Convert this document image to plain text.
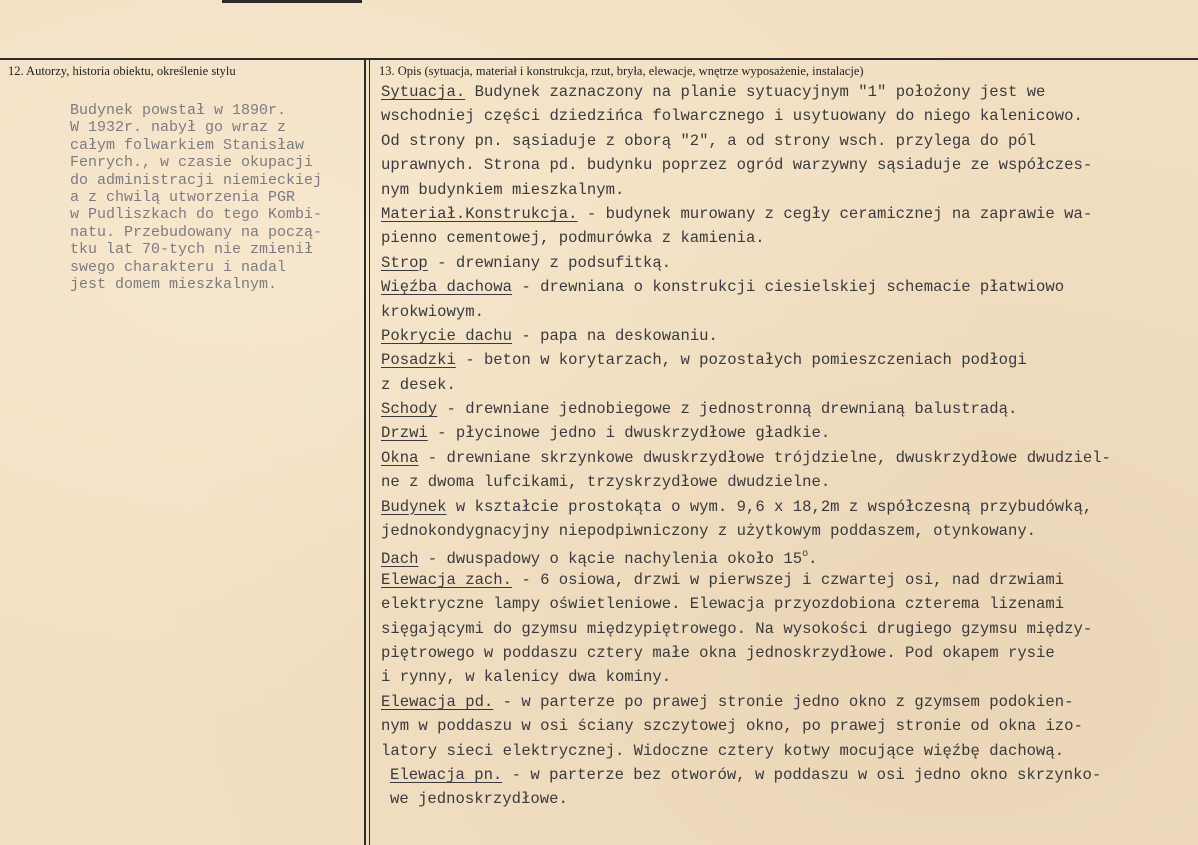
12. Autorzy, historia obiektu, określenie stylu	13. Opis (sytuacja, materiał i konstrukcja, rzut, bryła, elewacje, wnętrze wyposażenie, instalacje)
Budynek powstał w 1890r.
W 1932r. nabył go wraz z
całym folwarkiem Stanisław
Fenrych., w czasie okupacji
do administracji niemieckiej
a z chwilą utworzenia PGR
w Pudliszkach do tego Kombi-
natu. Przebudowany na począ-
tku lat 70-tych nie zmienił
swego charakteru i nadal
jest domem mieszkalnym.
Sytuacja. Budynek zaznaczony na planie sytuacyjnym "1" położony jest we
wschodniej części dziedzińca folwarcznego i usytuowany do niego kalenicowo.
Od strony pn. sąsiaduje z oborą "2", a od strony wsch. przylega do pól
uprawnych. Strona pd. budynku poprzez ogród warzywny sąsiaduje ze współczes-
nym budynkiem mieszkalnym.
Materiał.Konstrukcja. - budynek murowany z cegły ceramicznej na zaprawie wa-
pienno cementowej, podmurówka z kamienia.
Strop - drewniany z podsufitką.
Więźba dachowa - drewniana o konstrukcji ciesielskiej schemacie płatwiowo
krokwiowym.
Pokrycie dachu - papa na deskowaniu.
Posadzki - beton w korytarzach, w pozostałych pomieszczeniach podłogi
z desek.
Schody - drewniane jednobiegowe z jednostronną drewnianą balustradą.
Drzwi - płycinowe jedno i dwuskrzydłowe gładkie.
Okna - drewniane skrzynkowe dwuskrzydłowe trójdzielne, dwuskrzydłowe dwudziel-
ne z dwoma lufcikami, trzyskrzydłowe dwudzielne.
Budynek w kształcie prostokąta o wym. 9,6 x 18,2m z współczesną przybudówką,
jednokondygnacyjny niepodpiwniczony z użytkowym poddaszem, otynkowany.
Dach - dwuspadowy o kącie nachylenia około 15$^o$.
Elewacja zach. - 6 osiowa, drzwi w pierwszej i czwartej osi, nad drzwiami
elektryczne lampy oświetleniowe. Elewacja przyozdobiona czterema lizenami
sięgającymi do gzymsu międzypiętrowego. Na wysokości drugiego gzymsu między-
piętrowego w poddaszu cztery małe okna jednoskrzydłowe. Pod okapem rysie
i rynny, w kalenicy dwa kominy.
Elewacja pd. - w parterze po prawej stronie jedno okno z gzymsem podokien-
nym w poddaszu w osi ściany szczytowej okno, po prawej stronie od okna izo-
latory sieci elektrycznej. Widoczne cztery kotwy mocujące więźbę dachową.
Elewacja pn. - w parterze bez otworów, w poddaszu w osi jedno okno skrzynko-
we jednoskrzydłowe.
